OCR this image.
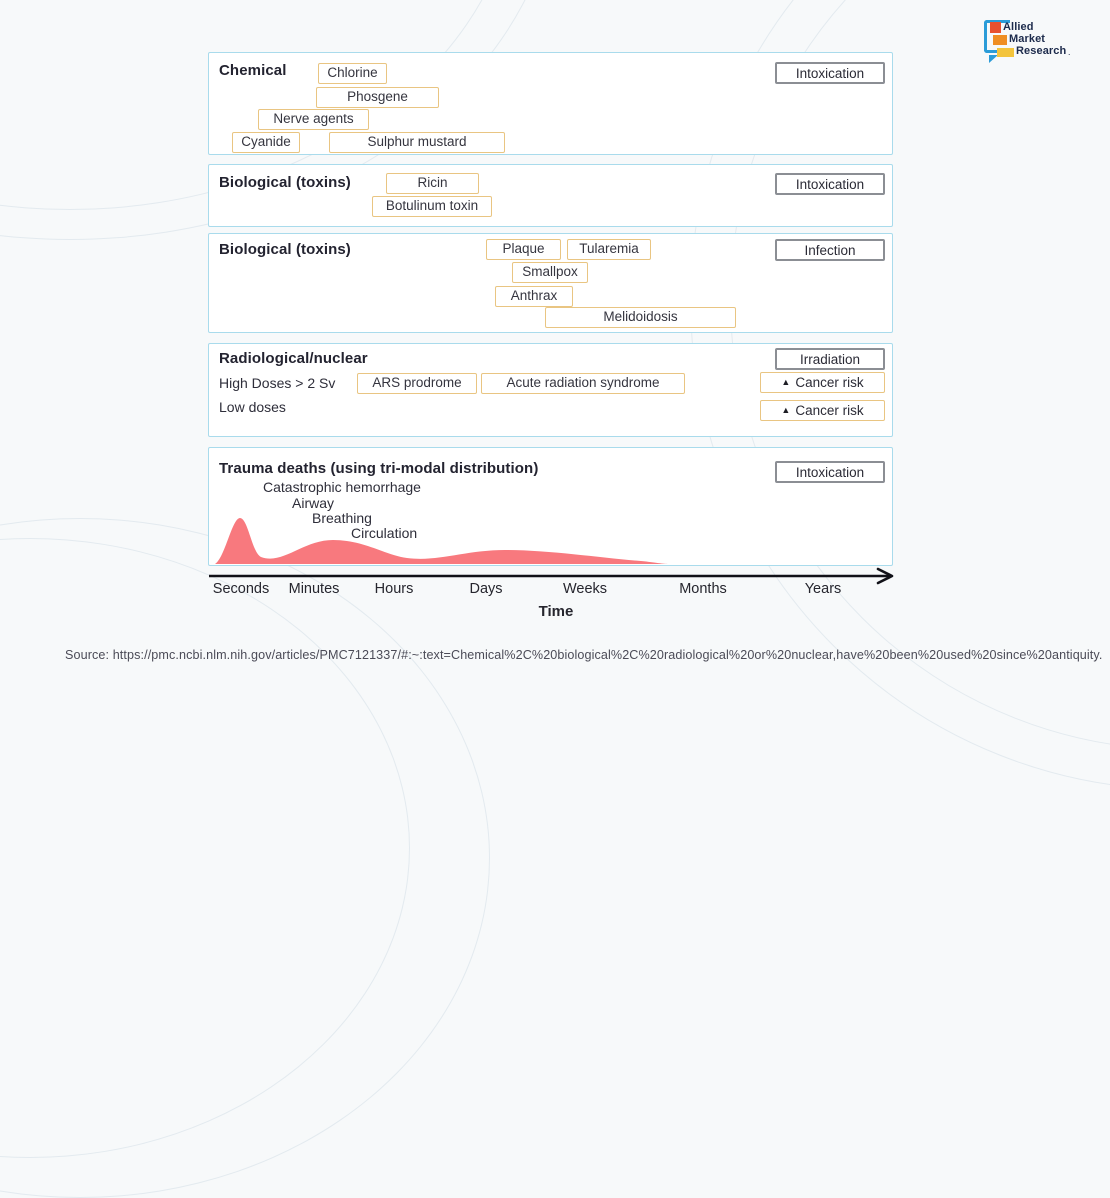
Chemical	Chlorine
Phosgene
Nerve agents
Cyanide	Sulphur mustard
Intoxication
Biological (toxins)	Ricin
Botulinum toxin
Intoxication
Biological (toxins)	Plaque	Tularemia
Smallpox
Anthrax
Melidoidosis
Infection
Radiological/nuclear
High Doses > 2 Sv	ARS prodrome	Acute radiation syndrome
Low doses
Irradiation
▲ Cancer risk
▲ Cancer risk
Trauma deaths (using tri-modal distribution)
Catastrophic hemorrhage
Airway
Breathing
Circulation
Intoxication
Seconds Minutes Hours	Days	Weeks	Months	Years
Time
Source: https://pmc.ncbi.nlm.nih.gov/articles/PMC7121337/#:~:text=Chemical%2C%20biological%2C%20radiological%20or%20nuclear,have%20been%20used%20since%20antiquity.
Allied
Market
Research .
